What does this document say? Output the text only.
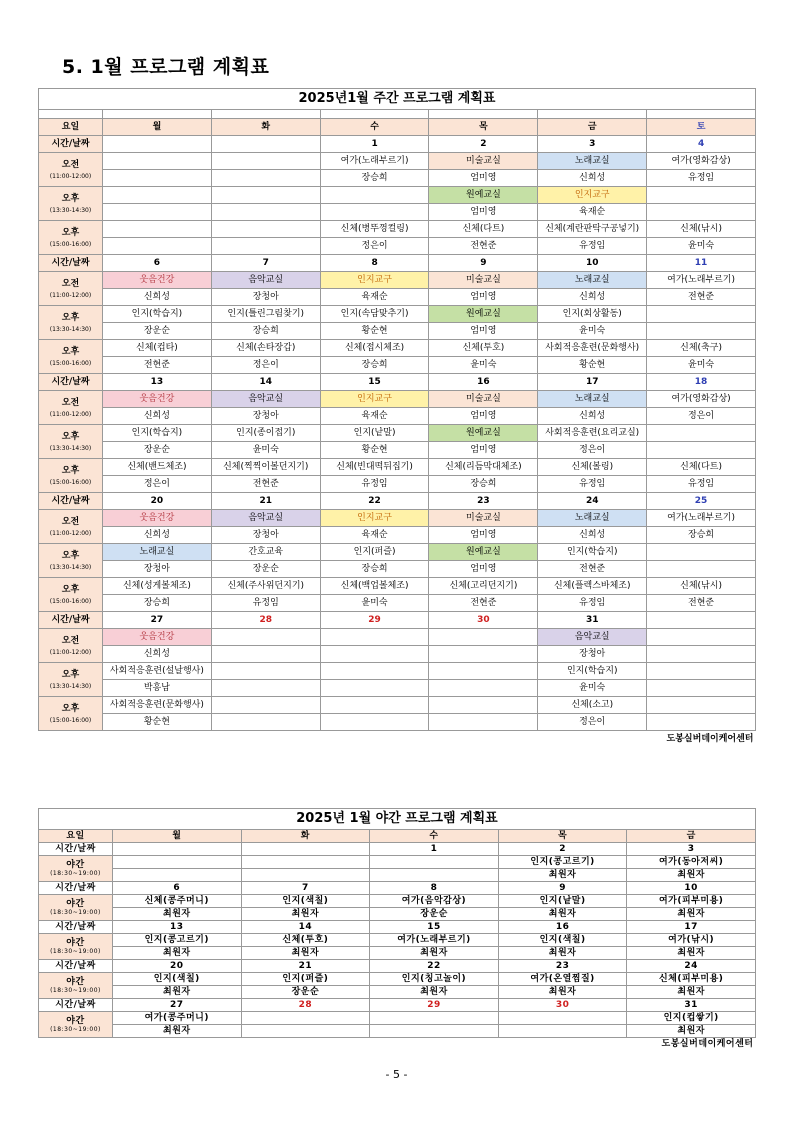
5. 1월 프로그램 계획표
2025년1월 주간 프로그램 계획표

요일	월	화	수	목	금	토
시간/날짜			1	2	3	4
오전
(11:00-12:00)			여가(노래부르기)	미술교실	노래교실	여가(영화감상)
			장승희	엄미영	신희성	유정임
오후
(13:30-14:30)				원예교실	인지교구	
				엄미영	육재순	
오후
(15:00-16:00)			신체(병뚜껑컬링)	신체(다트)	신체(계란판탁구공넣기)	신체(낚시)
			정은이	전현준	유정임	윤미숙
시간/날짜	6	7	8	9	10	11
오전
(11:00-12:00)	웃음건강	음악교실	인지교구	미술교실	노래교실	여가(노래부르기)
	신희성	장청아	육재순	엄미영	신희성	전현준
오후
(13:30-14:30)	인지(학습지)	인지(틀린그림찾기)	인지(속담맞추기)	원예교실	인지(회상활동)	
	장운순	장승희	황순현	엄미영	윤미숙	
오후
(15:00-16:00)	신체(컵타)	신체(손타장갑)	신체(접시체조)	신체(투호)	사회적응훈련(문화행사)	신체(축구)
	전현준	정은이	장승희	윤미숙	황순현	윤미숙
시간/날짜	13	14	15	16	17	18
오전
(11:00-12:00)	웃음건강	음악교실	인지교구	미술교실	노래교실	여가(영화감상)
	신희성	장청아	육재순	엄미영	신희성	정은이
오후
(13:30-14:30)	인지(학습지)	인지(종이접기)	인지(낱말)	원예교실	사회적응훈련(요리교실)	
	장운순	윤미숙	황순현	엄미영	정은이	
오후
(15:00-16:00)	신체(밴드체조)	신체(찍찍이볼던지기)	신체(빈대떡뒤집기)	신체(리듬막대체조)	신체(볼링)	신체(다트)
	정은이	전현준	유정임	장승희	유정임	유정임
시간/날짜	20	21	22	23	24	25
오전
(11:00-12:00)	웃음건강	음악교실	인지교구	미술교실	노래교실	여가(노래부르기)
	신희성	장청아	육재순	엄미영	신희성	장승희
오후
(13:30-14:30)	노래교실	간호교육	인지(퍼즐)	원예교실	인지(학습지)	
	장청아	장운순	장승희	엄미영	전현준	
오후
(15:00-16:00)	신체(성게볼체조)	신체(주사위던지기)	신체(백업볼체조)	신체(고리던지기)	신체(플렉스바체조)	신체(낚시)
	장승희	유정임	윤미숙	전현준	유정임	전현준
시간/날짜	27	28	29	30	31	
오전
(11:00-12:00)	웃음건강				음악교실	
	신희성				장청아	
오후
(13:30-14:30)	사회적응훈련(설날행사)				인지(학습지)	
	박흥남				윤미숙	
오후
(15:00-16:00)	사회적응훈련(문화행사)				신체(소고)	
	황순현				정은이	
도봉실버데이케어센터						
2025년 1월 야간 프로그램 계획표
요일	월	화	수	목	금
시간/날짜			1	2	3
야간
(18:30~19:00)				인지(콩고르기)	여가(동아저씨)
				최원자	최원자
시간/날짜	6	7	8	9	10
야간
(18:30~19:00)	신체(콩주머니)	인지(색칠)	여가(음악감상)	인지(낱말)	여가(피부미용)
	최원자	최원자	장운순	최원자	최원자
시간/날짜	13	14	15	16	17
야간
(18:30~19:00)	인지(콩고르기)	신체(투호)	여가(노래부르기)	인지(색칠)	여가(낚시)
	최원자	최원자	최원자	최원자	최원자
시간/날짜	20	21	22	23	24
야간
(18:30~19:00)	인지(색칠)	인지(퍼즐)	인지(칭고놀이)	여가(온열찜질)	신체(피부미용)
	최원자	장운순	최원자	최원자	최원자
시간/날짜	27	28	29	30	31
야간
(18:30~19:00)	여가(콩주머니)				인지(컵쌓기)
	최원자				최원자
도봉실버데이케어센터					
- 5 -
